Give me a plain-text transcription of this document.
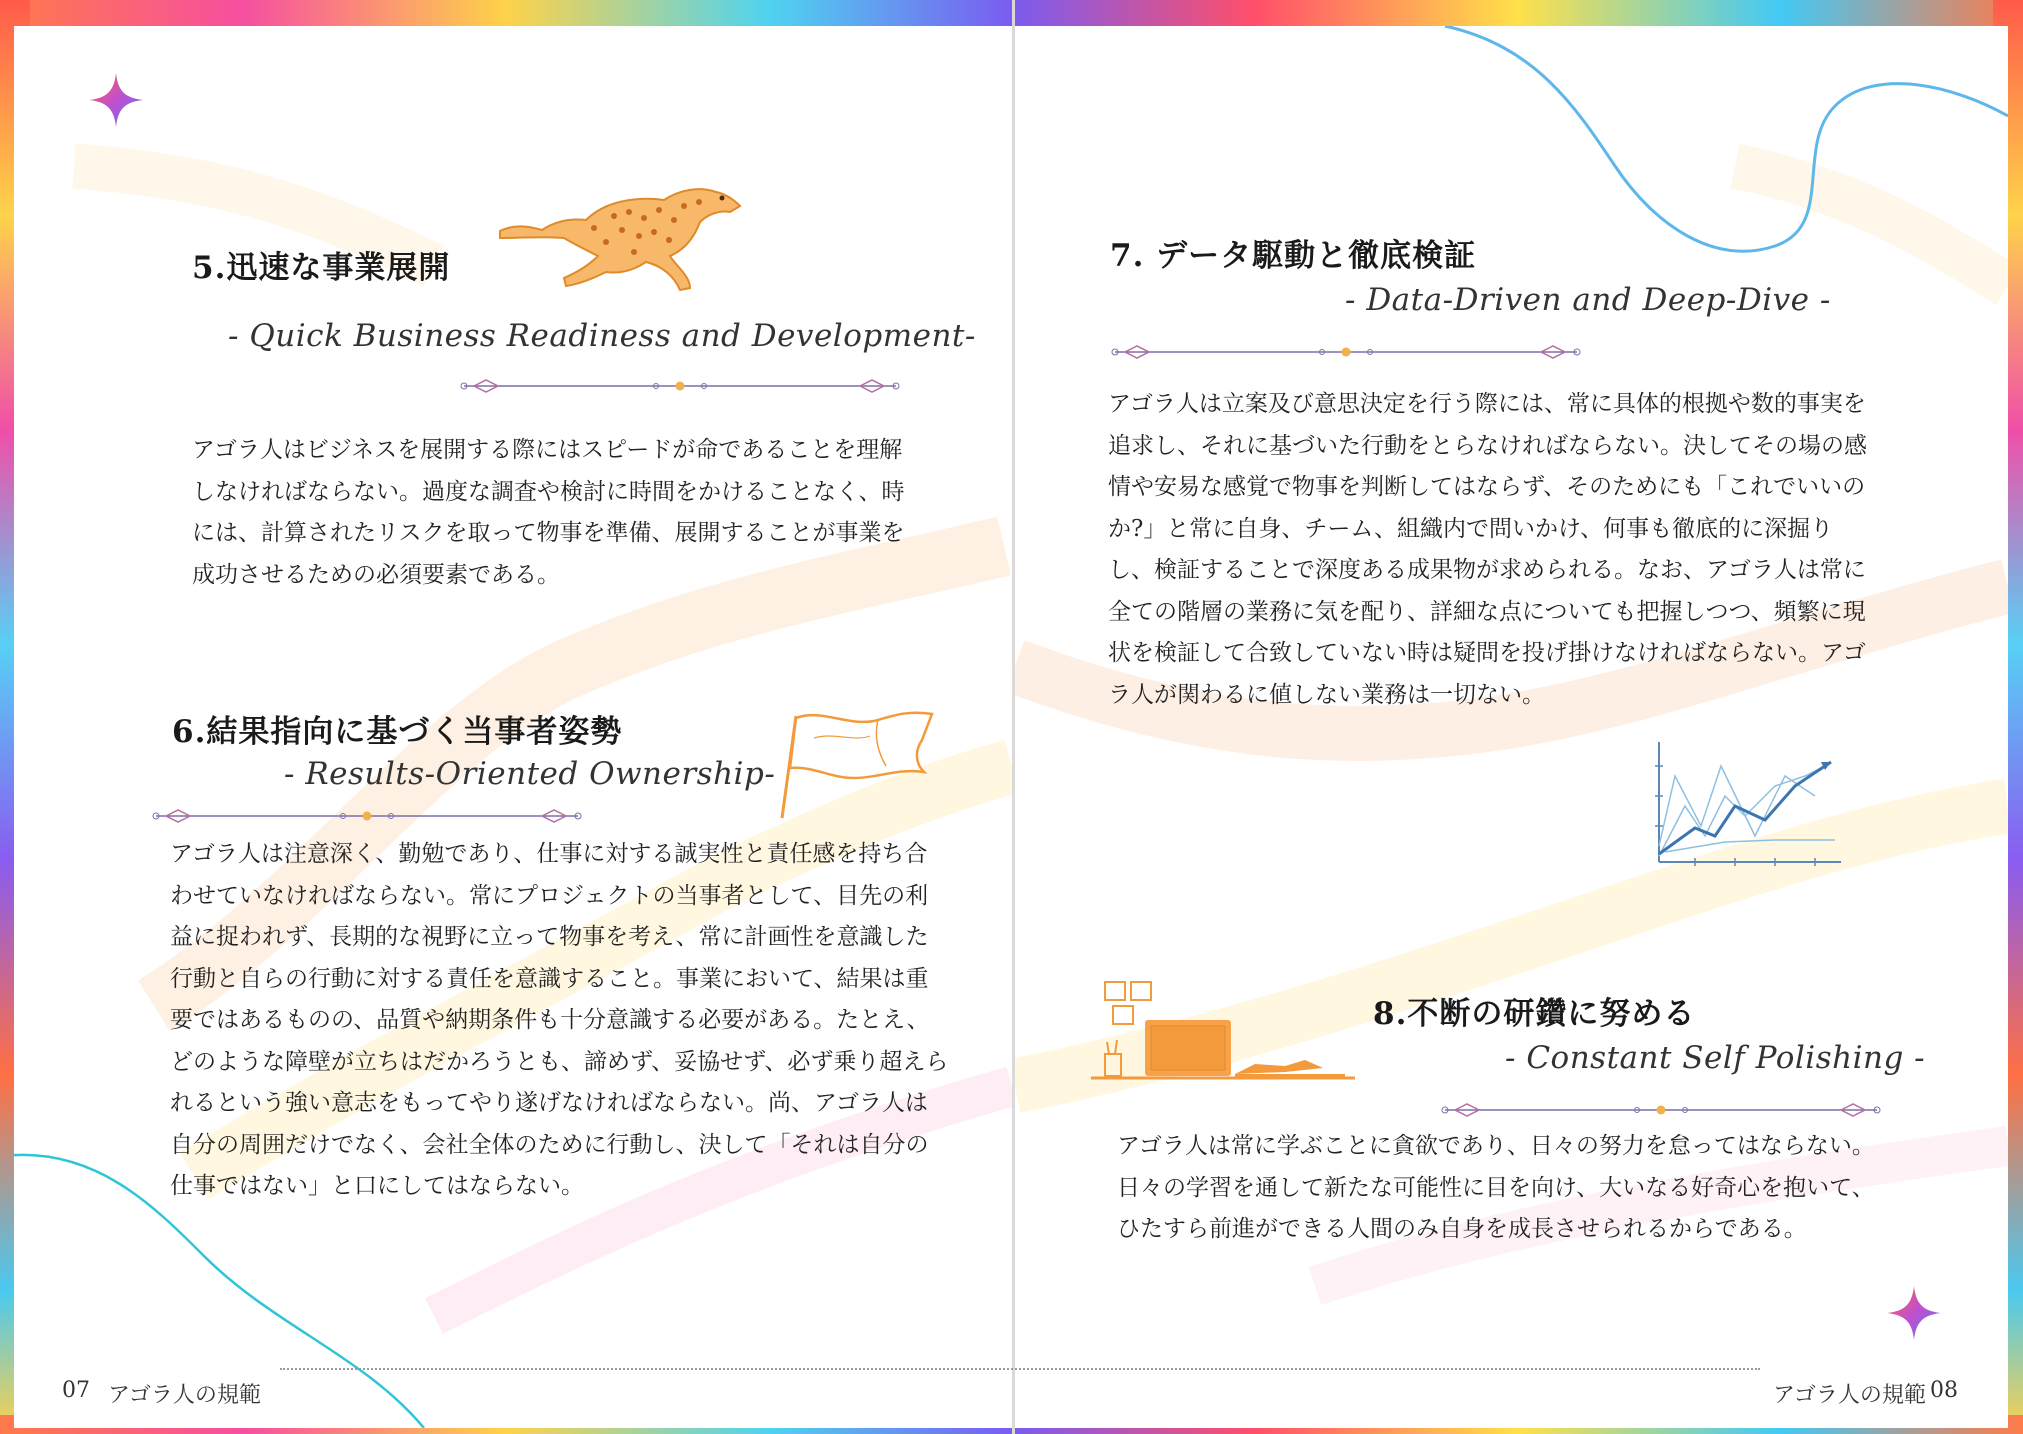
5.迅速な事業展開

- Quick Business Readiness and Development-

アゴラ人はビジネスを展開する際にはスピードが命であることを理解しなければならない。過度な調査や検討に時間をかけることなく、時には、計算されたリスクを取って物事を準備、展開することが事業を成功させるための必須要素である。

6.結果指向に基づく当事者姿勢

- Results-Oriented Ownership-

アゴラ人は注意深く、勤勉であり、仕事に対する誠実性と責任感を持ち合わせていなければならない。常にプロジェクトの当事者として、目先の利益に捉われず、長期的な視野に立って物事を考え、常に計画性を意識した行動と自らの行動に対する責任を意識すること。事業において、結果は重要ではあるものの、品質や納期条件も十分意識する必要がある。たとえ、どのような障壁が立ちはだかろうとも、諦めず、妥協せず、必ず乗り超えられるという強い意志をもってやり遂げなければならない。尚、アゴラ人は自分の周囲だけでなく、会社全体のために行動し、決して「それは自分の仕事ではない」と口にしてはならない。

07 アゴラ人の規範
7. データ駆動と徹底検証

- Data-Driven and Deep-Dive -

アゴラ人は立案及び意思決定を行う際には、常に具体的根拠や数的事実を追求し、それに基づいた行動をとらなければならない。決してその場の感情や安易な感覚で物事を判断してはならず、そのためにも「これでいいのか?」と常に自身、チーム、組織内で問いかけ、何事も徹底的に深掘りし、検証することで深度ある成果物が求められる。なお、アゴラ人は常に全ての階層の業務に気を配り、詳細な点についても把握しつつ、頻繁に現状を検証して合致していない時は疑問を投げ掛けなければならない。アゴラ人が関わるに値しない業務は一切ない。

8.不断の研鑽に努める

- Constant Self Polishing -

アゴラ人は常に学ぶことに貪欲であり、日々の努力を怠ってはならない。日々の学習を通して新たな可能性に目を向け、大いなる好奇心を抱いて、ひたすら前進ができる人間のみ自身を成長させられるからである。

アゴラ人の規範 08
